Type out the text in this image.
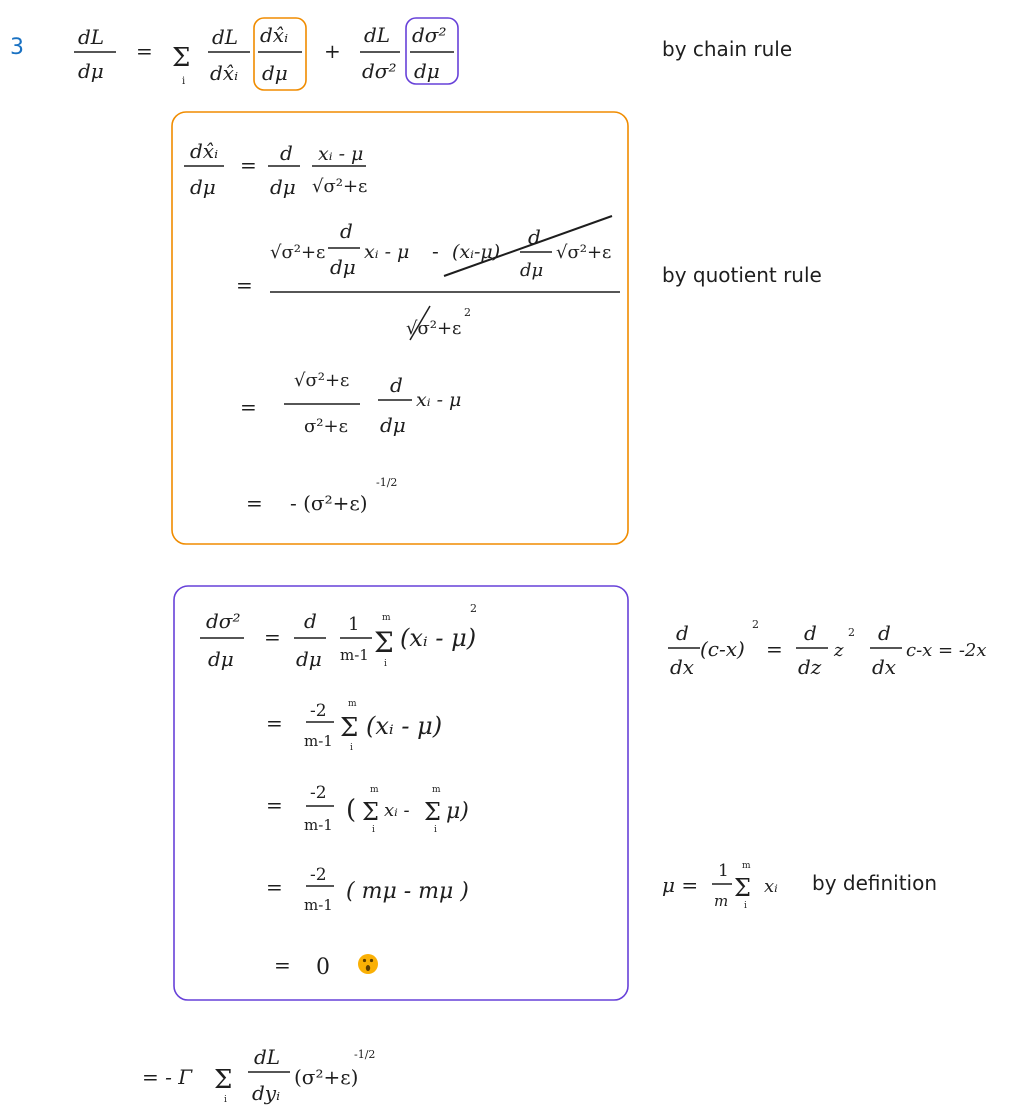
3	dL
dμ
= Σ
i
dL
dx̂ᵢ
dx̂ᵢ
dμ
+
dL
dσ²
dσ²
dμ
by chain rule
dx̂ᵢ
dμ
= d
dμ
xᵢ - μ
√σ²+ε
√σ²+ε
d
dμ
xᵢ - μ - (xᵢ-μ)
d
dμ
√σ²+ε
=
√σ²+ε
2
by quotient rule
=
√σ²+ε
σ²+ε
d
dμ
xᵢ - μ
= - (σ²+ε)
-1/2
dσ²
dμ
=
d
dμ
1
m-1
m
Σ
i
(xᵢ - μ)
2
= -2
m-1
m
Σ
i
(xᵢ - μ)
= -2
m-1 (
m
Σ
i
xᵢ -
m
Σ
i
μ)
= -2
m-1
( mμ - mμ )
= 0
d
dx
(c-x)
2
=
d
dz
z
2 d
dx
c-x = -2x
μ =
1
m
m
Σ
i
xᵢ by definition
= - Γ Σ
i
dL
dyᵢ
(σ²+ε)
-1/2
